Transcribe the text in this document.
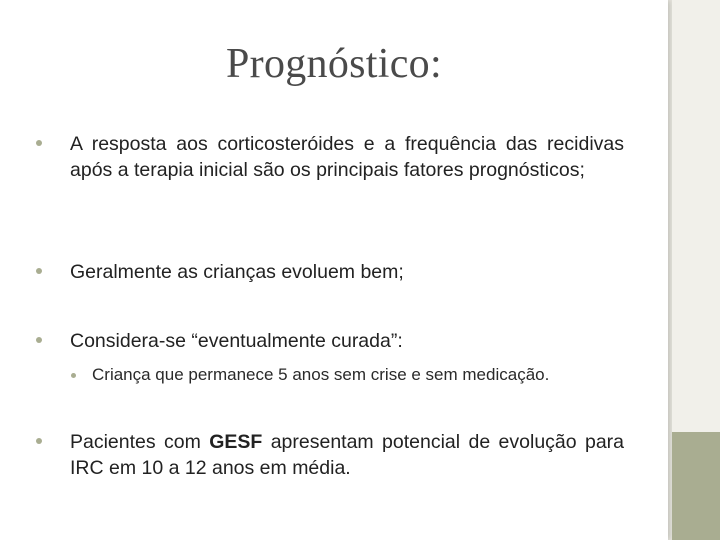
Prognóstico:
A resposta aos corticosteróides e a frequência das recidivas após a terapia inicial são os principais fatores prognósticos;
Geralmente as crianças evoluem bem;
Considera-se “eventualmente curada”:
Criança que permanece 5 anos sem crise e sem medicação.
Pacientes com GESF apresentam potencial de evolução para IRC em 10 a 12 anos em média.
